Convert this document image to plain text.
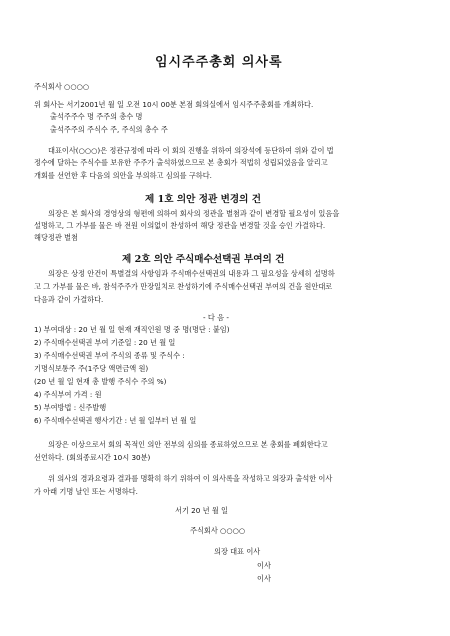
임시주주총회 의사록
주식회사 ○○○○
위 회사는 서기2001년 월 일 오전 10시 00분 본점 회의실에서 임시주주총회를 개최하다.
출석주주수 명 주주의 총수 명
출석주주의 주식수 주, 주식의 총수 주
대표이사(○○○)은 정관규정에 따라 이 회의 진행을 위하여 의장석에 등단하여 위와 같이 법
정수에 달하는 주식수를 보유한 주주가 출석하였으므로 본 총회가 적법히 성립되었음을 알리고
개회를 선언한 후 다음의 의안을 부의하고 심의를 구하다.
제 1호 의안 정관 변경의 건
의장은 본 회사의 경영상의 형편에 의하여 회사의 정관을 별첨과 같이 변경할 필요성이 있음을
설명하고, 그 가부를 물은 바 전원 이의없이 찬성하여 해당 정관을 변경할 것을 승인 가결하다.
해당정관 별첨
제 2호 의안 주식매수선택권 부여의 건
의장은 상정 안건이 특별결의 사항임과 주식매수선택권의 내용과 그 필요성을 상세히 설명하
고 그 가부를 물은 바, 참석주주가 만장일치로 찬성하기에 주식매수선택권 부여의 건을 원안대로
다음과 같이 가결하다.
- 다 음 -
1) 부여대상 : 20 년 월 일 현재 재직인원 명 중 명(명단 : 붙임)
2) 주식매수선택권 부여 기준일 : 20 년 월 일
3) 주식매수선택권 부여 주식의 종류 및 주식수 :
기명식보통주 주(1주당 액면금액 원)
(20 년 월 일 현재 총 발행 주식수 주의 %)
4) 주식부여 가격 : 원
5) 부여방법 : 신주발행
6) 주식매수선택권 행사기간 : 년 월 일부터 년 월 일
의장은 이상으로서 회의 목적인 의안 전부의 심의를 종료하였으므로 본 총회를 폐회한다고
선언하다. (회의종료시간 10시 30분)
위 의사의 경과요령과 결과를 명확히 하기 위하여 이 의사록을 작성하고 의장과 출석한 이사
가 아래 기명 날인 또는 서명하다.
서기 20 년 월 일
주식회사 ○○○○
의장 대표 이사
이사
이사
